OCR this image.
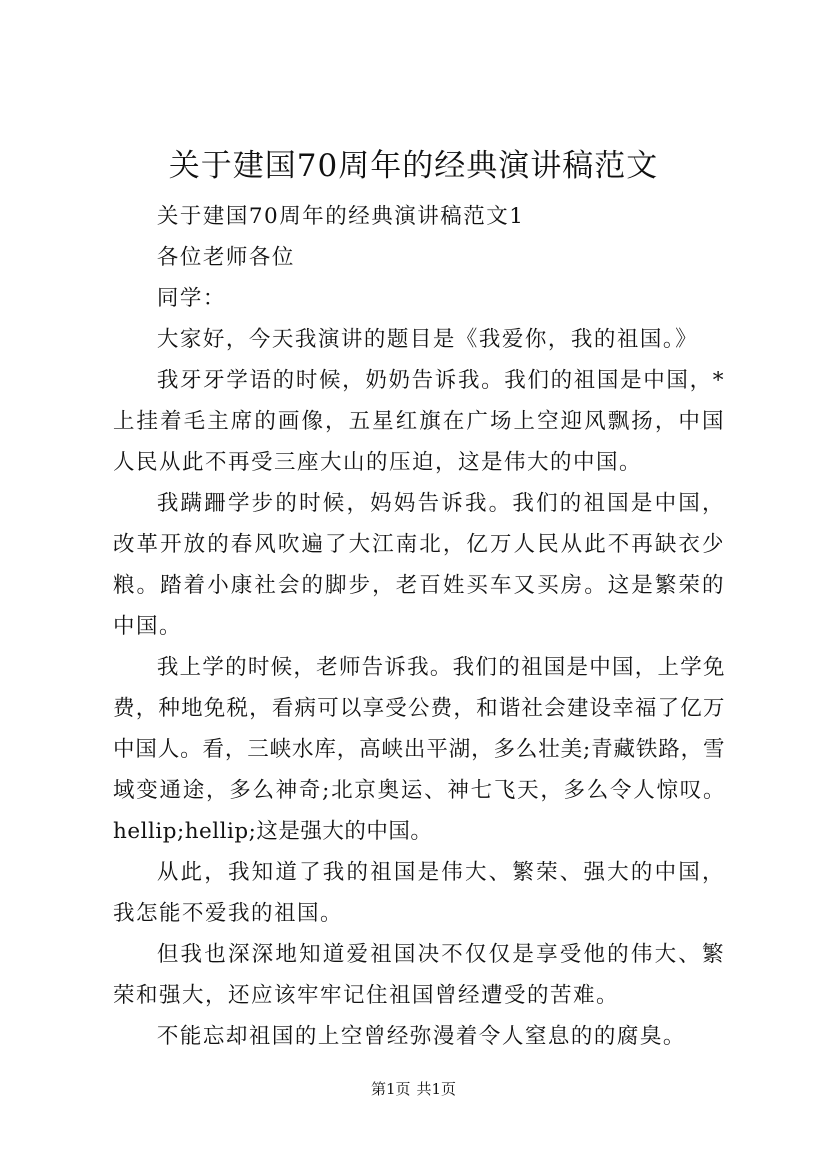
关于建国70周年的经典演讲稿范文

关于建国70周年的经典演讲稿范文1

各位老师各位

同学：

大家好，今天我演讲的题目是《我爱你，我的祖国。》

我牙牙学语的时候，奶奶告诉我。我们的祖国是中国，*上挂着毛主席的画像，五星红旗在广场上空迎风飘扬，中国人民从此不再受三座大山的压迫，这是伟大的中国。

我蹒跚学步的时候，妈妈告诉我。我们的祖国是中国，改革开放的春风吹遍了大江南北，亿万人民从此不再缺衣少粮。踏着小康社会的脚步，老百姓买车又买房。这是繁荣的中国。

我上学的时候，老师告诉我。我们的祖国是中国，上学免费，种地免税，看病可以享受公费，和谐社会建设幸福了亿万中国人。看，三峡水库，高峡出平湖，多么壮美;青藏铁路，雪域变通途，多么神奇;北京奥运、神七飞天，多么令人惊叹。hellip;hellip;这是强大的中国。

从此，我知道了我的祖国是伟大、繁荣、强大的中国，我怎能不爱我的祖国。

但我也深深地知道爱祖国决不仅仅是享受他的伟大、繁荣和强大，还应该牢牢记住祖国曾经遭受的苦难。

不能忘却祖国的上空曾经弥漫着令人窒息的的腐臭。

第1页 共1页
